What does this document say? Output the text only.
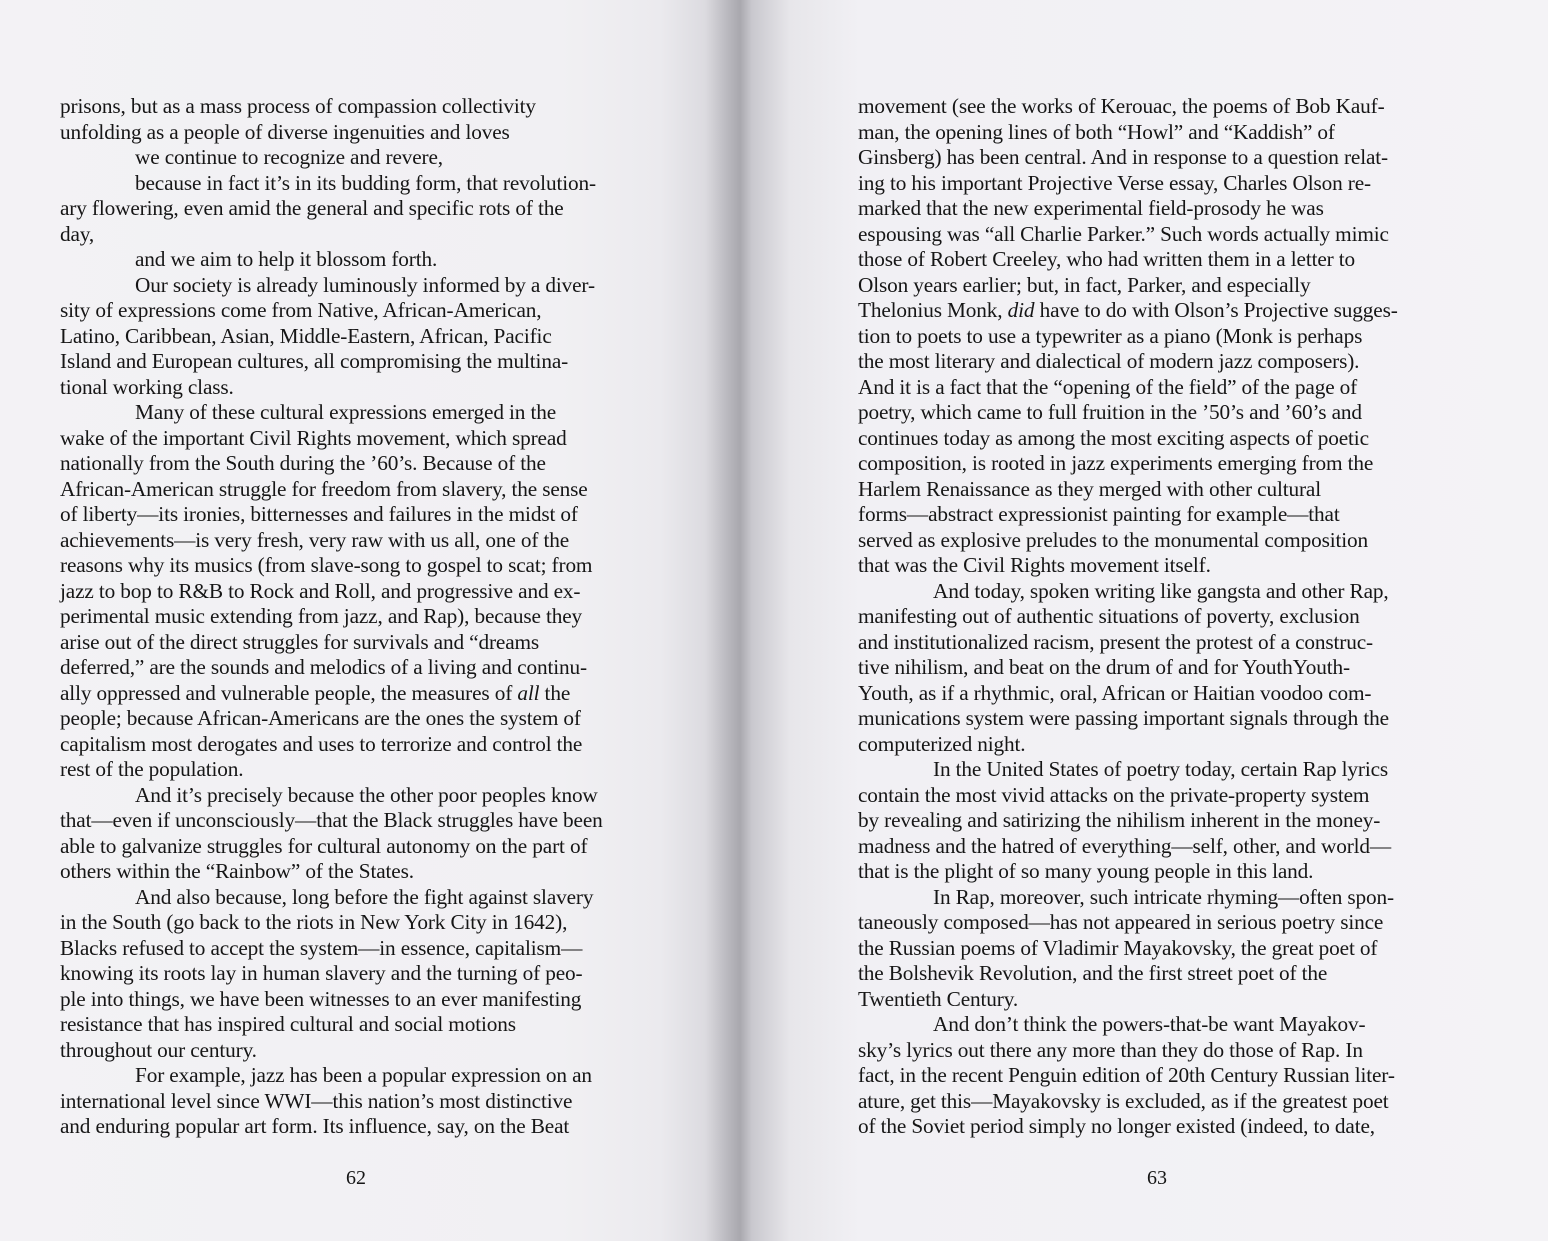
prisons, but as a mass process of compassion collectivity
unfolding as a people of diverse ingenuities and loves
we continue to recognize and revere,
because in fact it’s in its budding form, that revolution-
ary flowering, even amid the general and specific rots of the
day,
and we aim to help it blossom forth.
Our society is already luminously informed by a diver-
sity of expressions come from Native, African-American,
Latino, Caribbean, Asian, Middle-Eastern, African, Pacific
Island and European cultures, all compromising the multina-
tional working class.
Many of these cultural expressions emerged in the
wake of the important Civil Rights movement, which spread
nationally from the South during the ’60’s. Because of the
African-American struggle for freedom from slavery, the sense
of liberty—its ironies, bitternesses and failures in the midst of
achievements—is very fresh, very raw with us all, one of the
reasons why its musics (from slave-song to gospel to scat; from
jazz to bop to R&B to Rock and Roll, and progressive and ex-
perimental music extending from jazz, and Rap), because they
arise out of the direct struggles for survivals and “dreams
deferred,” are the sounds and melodics of a living and continu-
ally oppressed and vulnerable people, the measures of all the
people; because African-Americans are the ones the system of
capitalism most derogates and uses to terrorize and control the
rest of the population.
And it’s precisely because the other poor peoples know
that—even if unconsciously—that the Black struggles have been
able to galvanize struggles for cultural autonomy on the part of
others within the “Rainbow” of the States.
And also because, long before the fight against slavery
in the South (go back to the riots in New York City in 1642),
Blacks refused to accept the system—in essence, capitalism—
knowing its roots lay in human slavery and the turning of peo-
ple into things, we have been witnesses to an ever manifesting
resistance that has inspired cultural and social motions
throughout our century.
For example, jazz has been a popular expression on an
international level since WWI—this nation’s most distinctive
and enduring popular art form. Its influence, say, on the Beat
62
movement (see the works of Kerouac, the poems of Bob Kauf-
man, the opening lines of both “Howl” and “Kaddish” of
Ginsberg) has been central. And in response to a question relat-
ing to his important Projective Verse essay, Charles Olson re-
marked that the new experimental field-prosody he was
espousing was “all Charlie Parker.” Such words actually mimic
those of Robert Creeley, who had written them in a letter to
Olson years earlier; but, in fact, Parker, and especially
Thelonius Monk, did have to do with Olson’s Projective sugges-
tion to poets to use a typewriter as a piano (Monk is perhaps
the most literary and dialectical of modern jazz composers).
And it is a fact that the “opening of the field” of the page of
poetry, which came to full fruition in the ’50’s and ’60’s and
continues today as among the most exciting aspects of poetic
composition, is rooted in jazz experiments emerging from the
Harlem Renaissance as they merged with other cultural
forms—abstract expressionist painting for example—that
served as explosive preludes to the monumental composition
that was the Civil Rights movement itself.
And today, spoken writing like gangsta and other Rap,
manifesting out of authentic situations of poverty, exclusion
and institutionalized racism, present the protest of a construc-
tive nihilism, and beat on the drum of and for YouthYouth-
Youth, as if a rhythmic, oral, African or Haitian voodoo com-
munications system were passing important signals through the
computerized night.
In the United States of poetry today, certain Rap lyrics
contain the most vivid attacks on the private-property system
by revealing and satirizing the nihilism inherent in the money-
madness and the hatred of everything—self, other, and world—
that is the plight of so many young people in this land.
In Rap, moreover, such intricate rhyming—often spon-
taneously composed—has not appeared in serious poetry since
the Russian poems of Vladimir Mayakovsky, the great poet of
the Bolshevik Revolution, and the first street poet of the
Twentieth Century.
And don’t think the powers-that-be want Mayakov-
sky’s lyrics out there any more than they do those of Rap. In
fact, in the recent Penguin edition of 20th Century Russian liter-
ature, get this—Mayakovsky is excluded, as if the greatest poet
of the Soviet period simply no longer existed (indeed, to date,
63
